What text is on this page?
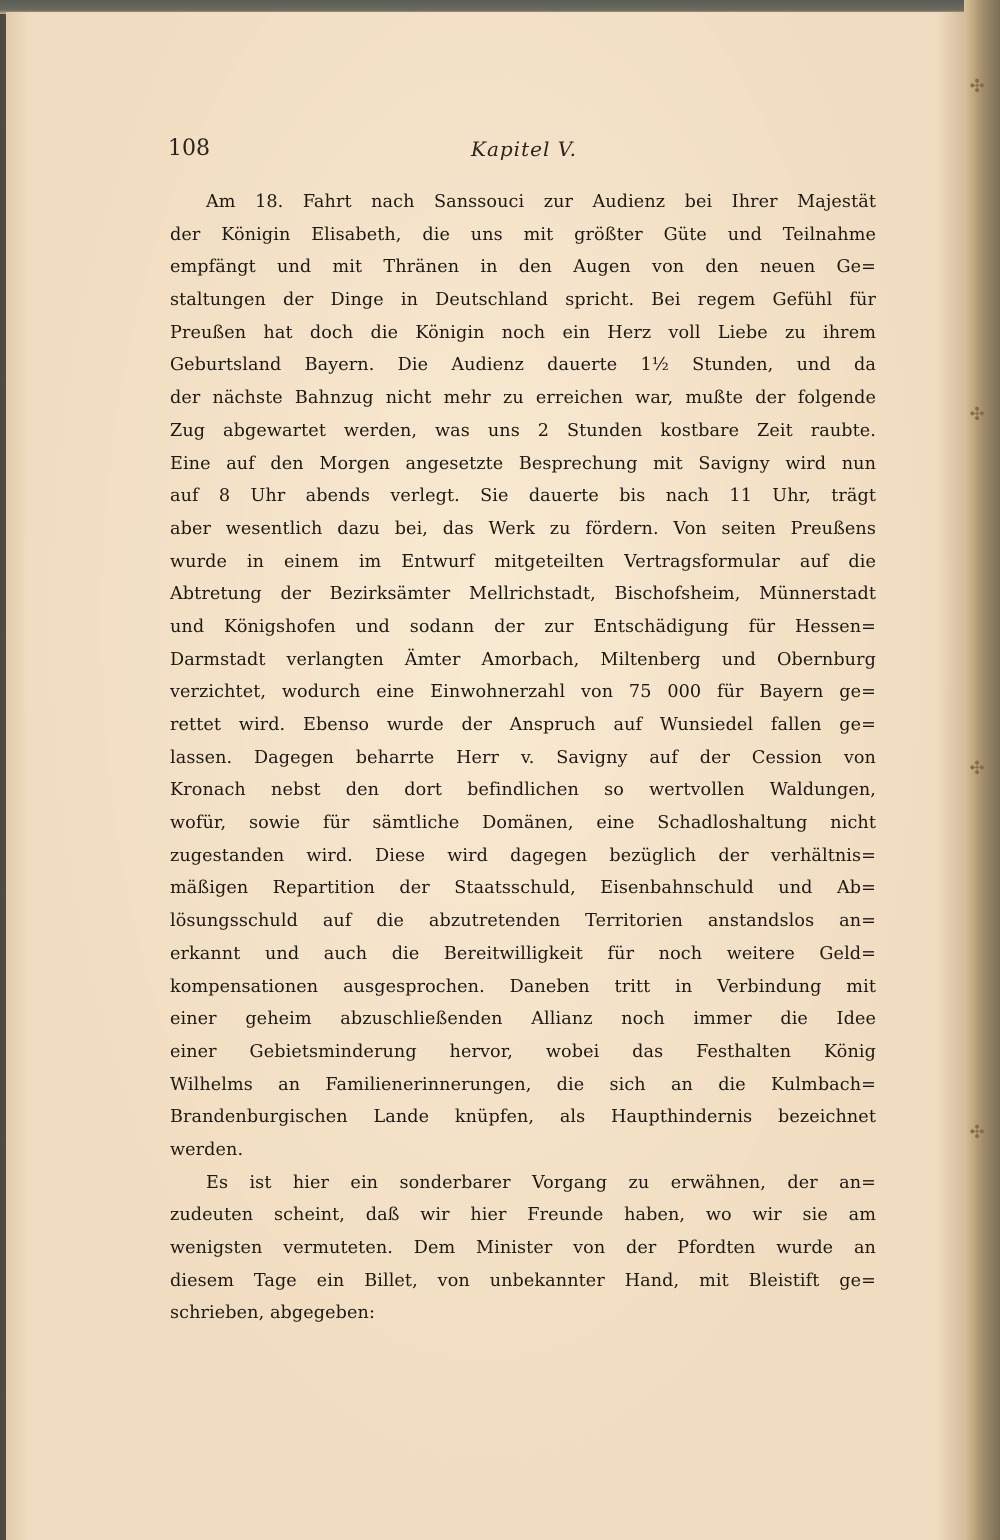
✣
✣
✣
✣
108	Kapitel V.
Am 18. Fahrt nach Sanssouci zur Audienz bei Ihrer Majestät
der Königin Elisabeth, die uns mit größter Güte und Teilnahme
empfängt und mit Thränen in den Augen von den neuen Ge=
staltungen der Dinge in Deutschland spricht. Bei regem Gefühl für
Preußen hat doch die Königin noch ein Herz voll Liebe zu ihrem
Geburtsland Bayern. Die Audienz dauerte 1½ Stunden, und da
der nächste Bahnzug nicht mehr zu erreichen war, mußte der folgende
Zug abgewartet werden, was uns 2 Stunden kostbare Zeit raubte.
Eine auf den Morgen angesetzte Besprechung mit Savigny wird nun
auf 8 Uhr abends verlegt. Sie dauerte bis nach 11 Uhr, trägt
aber wesentlich dazu bei, das Werk zu fördern. Von seiten Preußens
wurde in einem im Entwurf mitgeteilten Vertragsformular auf die
Abtretung der Bezirksämter Mellrichstadt, Bischofsheim, Münnerstadt
und Königshofen und sodann der zur Entschädigung für Hessen=
Darmstadt verlangten Ämter Amorbach, Miltenberg und Obernburg
verzichtet, wodurch eine Einwohnerzahl von 75 000 für Bayern ge=
rettet wird. Ebenso wurde der Anspruch auf Wunsiedel fallen ge=
lassen. Dagegen beharrte Herr v. Savigny auf der Cession von
Kronach nebst den dort befindlichen so wertvollen Waldungen,
wofür, sowie für sämtliche Domänen, eine Schadloshaltung nicht
zugestanden wird. Diese wird dagegen bezüglich der verhältnis=
mäßigen Repartition der Staatsschuld, Eisenbahnschuld und Ab=
lösungsschuld auf die abzutretenden Territorien anstandslos an=
erkannt und auch die Bereitwilligkeit für noch weitere Geld=
kompensationen ausgesprochen. Daneben tritt in Verbindung mit
einer geheim abzuschließenden Allianz noch immer die Idee
einer Gebietsminderung hervor, wobei das Festhalten König
Wilhelms an Familienerinnerungen, die sich an die Kulmbach=
Brandenburgischen Lande knüpfen, als Haupthindernis bezeichnet
werden.
Es ist hier ein sonderbarer Vorgang zu erwähnen, der an=
zudeuten scheint, daß wir hier Freunde haben, wo wir sie am
wenigsten vermuteten. Dem Minister von der Pfordten wurde an
diesem Tage ein Billet, von unbekannter Hand, mit Bleistift ge=
schrieben, abgegeben:
